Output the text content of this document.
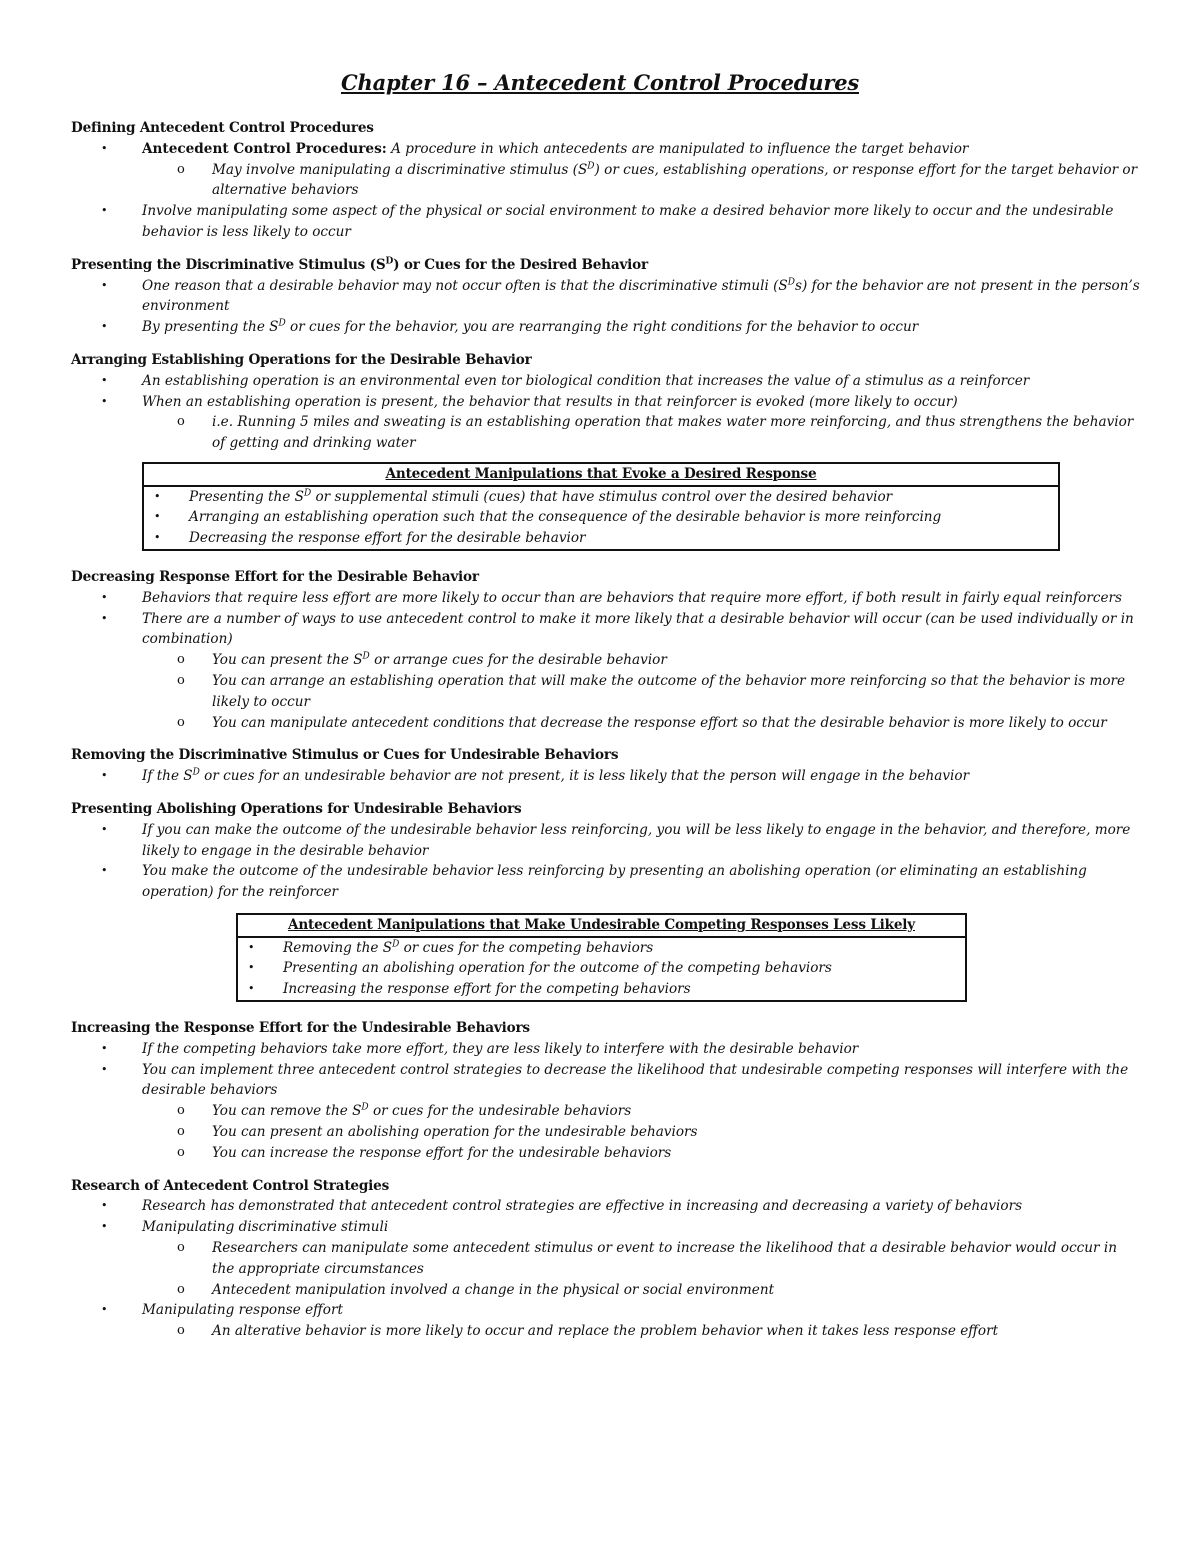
Chapter 16 – Antecedent Control Procedures

Defining Antecedent Control Procedures

•	Antecedent Control Procedures: A procedure in which antecedents are manipulated to influence the target behavior
o May involve manipulating a discriminative stimulus $(S^D)$ or cues, establishing operations, or response effort for the target behavior or alternative behaviors
•	Involve manipulating some aspect of the physical or social environment to make a desired behavior more likely to occur and the undesirable behavior is less likely to occur

Presenting the Discriminative Stimulus $(S^D)$ or Cues for the Desired Behavior

•	One reason that a desirable behavior may not occur often is that the discriminative stimuli $(S^Ds)$ for the behavior are not present in the person’s environment
•	By presenting the $S^D$ or cues for the behavior, you are rearranging the right conditions for the behavior to occur

Arranging Establishing Operations for the Desirable Behavior

•	An establishing operation is an environmental even tor biological condition that increases the value of a stimulus as a reinforcer
•	When an establishing operation is present, the behavior that results in that reinforcer is evoked (more likely to occur)
o i.e. Running 5 miles and sweating is an establishing operation that makes water more reinforcing, and thus strengthens the behavior of getting and drinking water
Antecedent Manipulations that Evoke a Desired Response
• Presenting the $S^D$ or supplemental stimuli (cues) that have stimulus control over the desired behavior
• Arranging an establishing operation such that the consequence of the desirable behavior is more reinforcing
• Decreasing the response effort for the desirable behavior

Decreasing Response Effort for the Desirable Behavior

•	Behaviors that require less effort are more likely to occur than are behaviors that require more effort, if both result in fairly equal reinforcers
•	There are a number of ways to use antecedent control to make it more likely that a desirable behavior will occur (can be used individually or in combination)
o You can present the $S^D$ or arrange cues for the desirable behavior
o You can arrange an establishing operation that will make the outcome of the behavior more reinforcing so that the behavior is more likely to occur
o You can manipulate antecedent conditions that decrease the response effort so that the desirable behavior is more likely to occur

Removing the Discriminative Stimulus or Cues for Undesirable Behaviors

•	If the $S^D$ or cues for an undesirable behavior are not present, it is less likely that the person will engage in the behavior

Presenting Abolishing Operations for Undesirable Behaviors

•	If you can make the outcome of the undesirable behavior less reinforcing, you will be less likely to engage in the behavior, and therefore, more likely to engage in the desirable behavior
•	You make the outcome of the undesirable behavior less reinforcing by presenting an abolishing operation (or eliminating an establishing operation) for the reinforcer
Antecedent Manipulations that Make Undesirable Competing Responses Less Likely
• Removing the $S^D$ or cues for the competing behaviors
• Presenting an abolishing operation for the outcome of the competing behaviors
• Increasing the response effort for the competing behaviors

Increasing the Response Effort for the Undesirable Behaviors

•	If the competing behaviors take more effort, they are less likely to interfere with the desirable behavior
•	You can implement three antecedent control strategies to decrease the likelihood that undesirable competing responses will interfere with the desirable behaviors
o You can remove the $S^D$ or cues for the undesirable behaviors
o You can present an abolishing operation for the undesirable behaviors
o You can increase the response effort for the undesirable behaviors

Research of Antecedent Control Strategies

•	Research has demonstrated that antecedent control strategies are effective in increasing and decreasing a variety of behaviors
•	Manipulating discriminative stimuli
o Researchers can manipulate some antecedent stimulus or event to increase the likelihood that a desirable behavior would occur in the appropriate circumstances
o Antecedent manipulation involved a change in the physical or social environment
•	Manipulating response effort
o An alterative behavior is more likely to occur and replace the problem behavior when it takes less response effort
